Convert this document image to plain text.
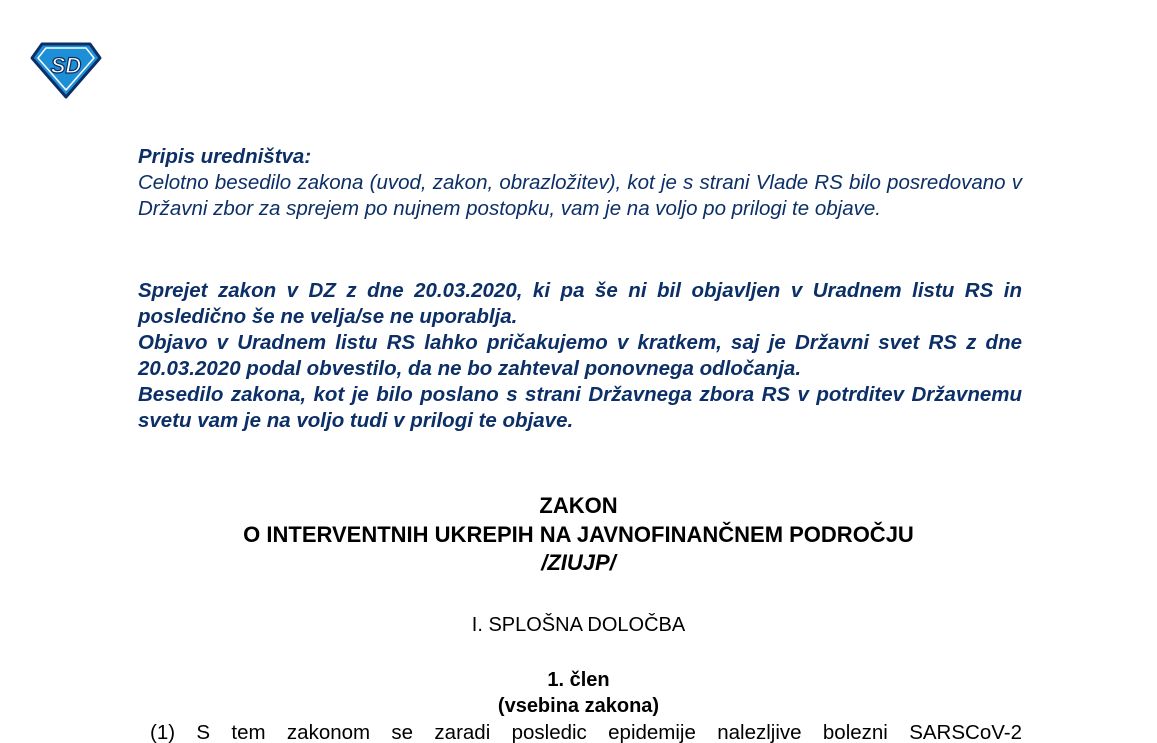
SD

Pripis uredništva:

Celotno besedilo zakona (uvod, zakon, obrazložitev), kot je s strani Vlade RS bilo posredovano v Državni zbor za sprejem po nujnem postopku, vam je na voljo po prilogi te objave.

Sprejet zakon v DZ z dne 20.03.2020, ki pa še ni bil objavljen v Uradnem listu RS in posledično še ne velja/se ne uporablja.

Objavo v Uradnem listu RS lahko pričakujemo v kratkem, saj je Državni svet RS z dne 20.03.2020 podal obvestilo, da ne bo zahteval ponovnega odločanja.

Besedilo zakona, kot je bilo poslano s strani Državnega zbora RS v potrditev Državnemu svetu vam je na voljo tudi v prilogi te objave.

ZAKON
O INTERVENTNIH UKREPIH NA JAVNOFINANČNEM PODROČJU
/ZIUJP/
I. SPLOŠNA DOLOČBA
1. člen
(vsebina zakona)

(1) S tem zakonom se zaradi posledic epidemije nalezljive bolezni SARSCoV-2
